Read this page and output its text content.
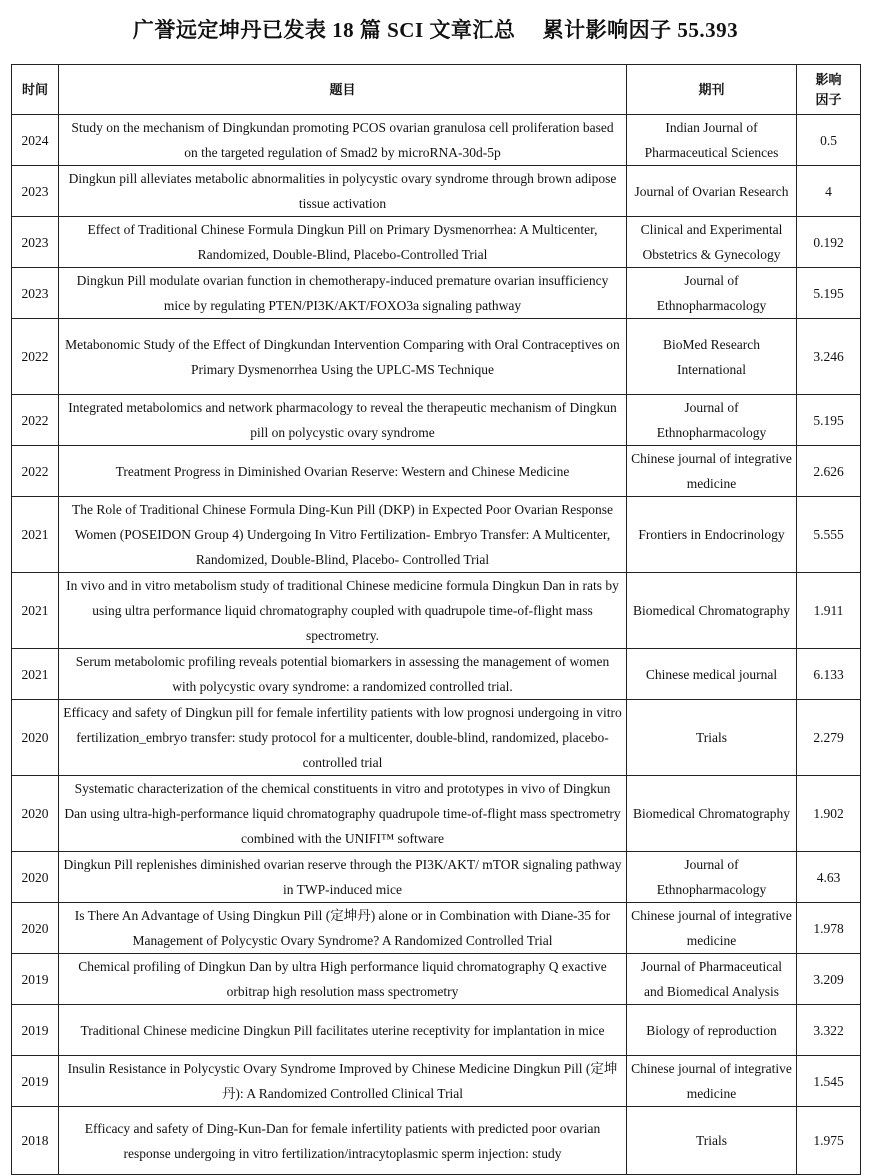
广誉远定坤丹已发表 18 篇 SCI 文章汇总　 累计影响因子 55.393
时间	题目	期刊	影响
因子
2024	Study on the mechanism of Dingkundan promoting PCOS ovarian granulosa cell proliferation based on the targeted regulation of Smad2 by microRNA-30d-5p	Indian Journal of Pharmaceutical Sciences	0.5
2023	Dingkun pill alleviates metabolic abnormalities in polycystic ovary syndrome through brown adipose tissue activation	Journal of Ovarian Research	4
2023	Effect of Traditional Chinese Formula Dingkun Pill on Primary Dysmenorrhea: A Multicenter, Randomized, Double-Blind, Placebo-Controlled Trial	Clinical and Experimental Obstetrics & Gynecology	0.192
2023	Dingkun Pill modulate ovarian function in chemotherapy-induced premature ovarian insufficiency mice by regulating PTEN/PI3K/AKT/FOXO3a signaling pathway	Journal of Ethnopharmacology	5.195
2022	Metabonomic Study of the Effect of Dingkundan Intervention Comparing with Oral Contraceptives on Primary Dysmenorrhea Using the UPLC-MS Technique	BioMed Research International	3.246
2022	Integrated metabolomics and network pharmacology to reveal the therapeutic mechanism of Dingkun pill on polycystic ovary syndrome	Journal of Ethnopharmacology	5.195
2022	Treatment Progress in Diminished Ovarian Reserve: Western and Chinese Medicine	Chinese journal of integrative medicine	2.626
2021	The Role of Traditional Chinese Formula Ding-Kun Pill (DKP) in Expected Poor Ovarian Response Women (POSEIDON Group 4) Undergoing In Vitro Fertilization- Embryo Transfer: A Multicenter, Randomized, Double-Blind, Placebo- Controlled Trial	Frontiers in Endocrinology	5.555
2021	In vivo and in vitro metabolism study of traditional Chinese medicine formula Dingkun Dan in rats by using ultra performance liquid chromatography coupled with quadrupole time-of-flight mass spectrometry.	Biomedical Chromatography	1.911
2021	Serum metabolomic profiling reveals potential biomarkers in assessing the management of women with polycystic ovary syndrome: a randomized controlled trial.	Chinese medical journal	6.133
2020	Efficacy and safety of Dingkun pill for female infertility patients with low prognosi undergoing in vitro fertilization_embryo transfer: study protocol for a multicenter, double-blind, randomized, placebo-controlled trial	Trials	2.279
2020	Systematic characterization of the chemical constituents in vitro and prototypes in vivo of Dingkun Dan using ultra-high-performance liquid chromatography quadrupole time-of-flight mass spectrometry combined with the UNIFI™ software	Biomedical Chromatography	1.902
2020	Dingkun Pill replenishes diminished ovarian reserve through the PI3K/AKT/ mTOR signaling pathway in TWP-induced mice	Journal of Ethnopharmacology	4.63
2020	Is There An Advantage of Using Dingkun Pill (定坤丹) alone or in Combination with Diane-35 for Management of Polycystic Ovary Syndrome? A Randomized Controlled Trial	Chinese journal of integrative medicine	1.978
2019	Chemical profiling of Dingkun Dan by ultra High performance liquid chromatography Q exactive orbitrap high resolution mass spectrometry	Journal of Pharmaceutical and Biomedical Analysis	3.209
2019	Traditional Chinese medicine Dingkun Pill facilitates uterine receptivity for implantation in mice	Biology of reproduction	3.322
2019	Insulin Resistance in Polycystic Ovary Syndrome Improved by Chinese Medicine Dingkun Pill (定坤丹): A Randomized Controlled Clinical Trial	Chinese journal of integrative medicine	1.545
2018	Efficacy and safety of Ding-Kun-Dan for female infertility patients with predicted poor ovarian response undergoing in vitro fertilization/intracytoplasmic sperm injection: study	Trials	1.975
